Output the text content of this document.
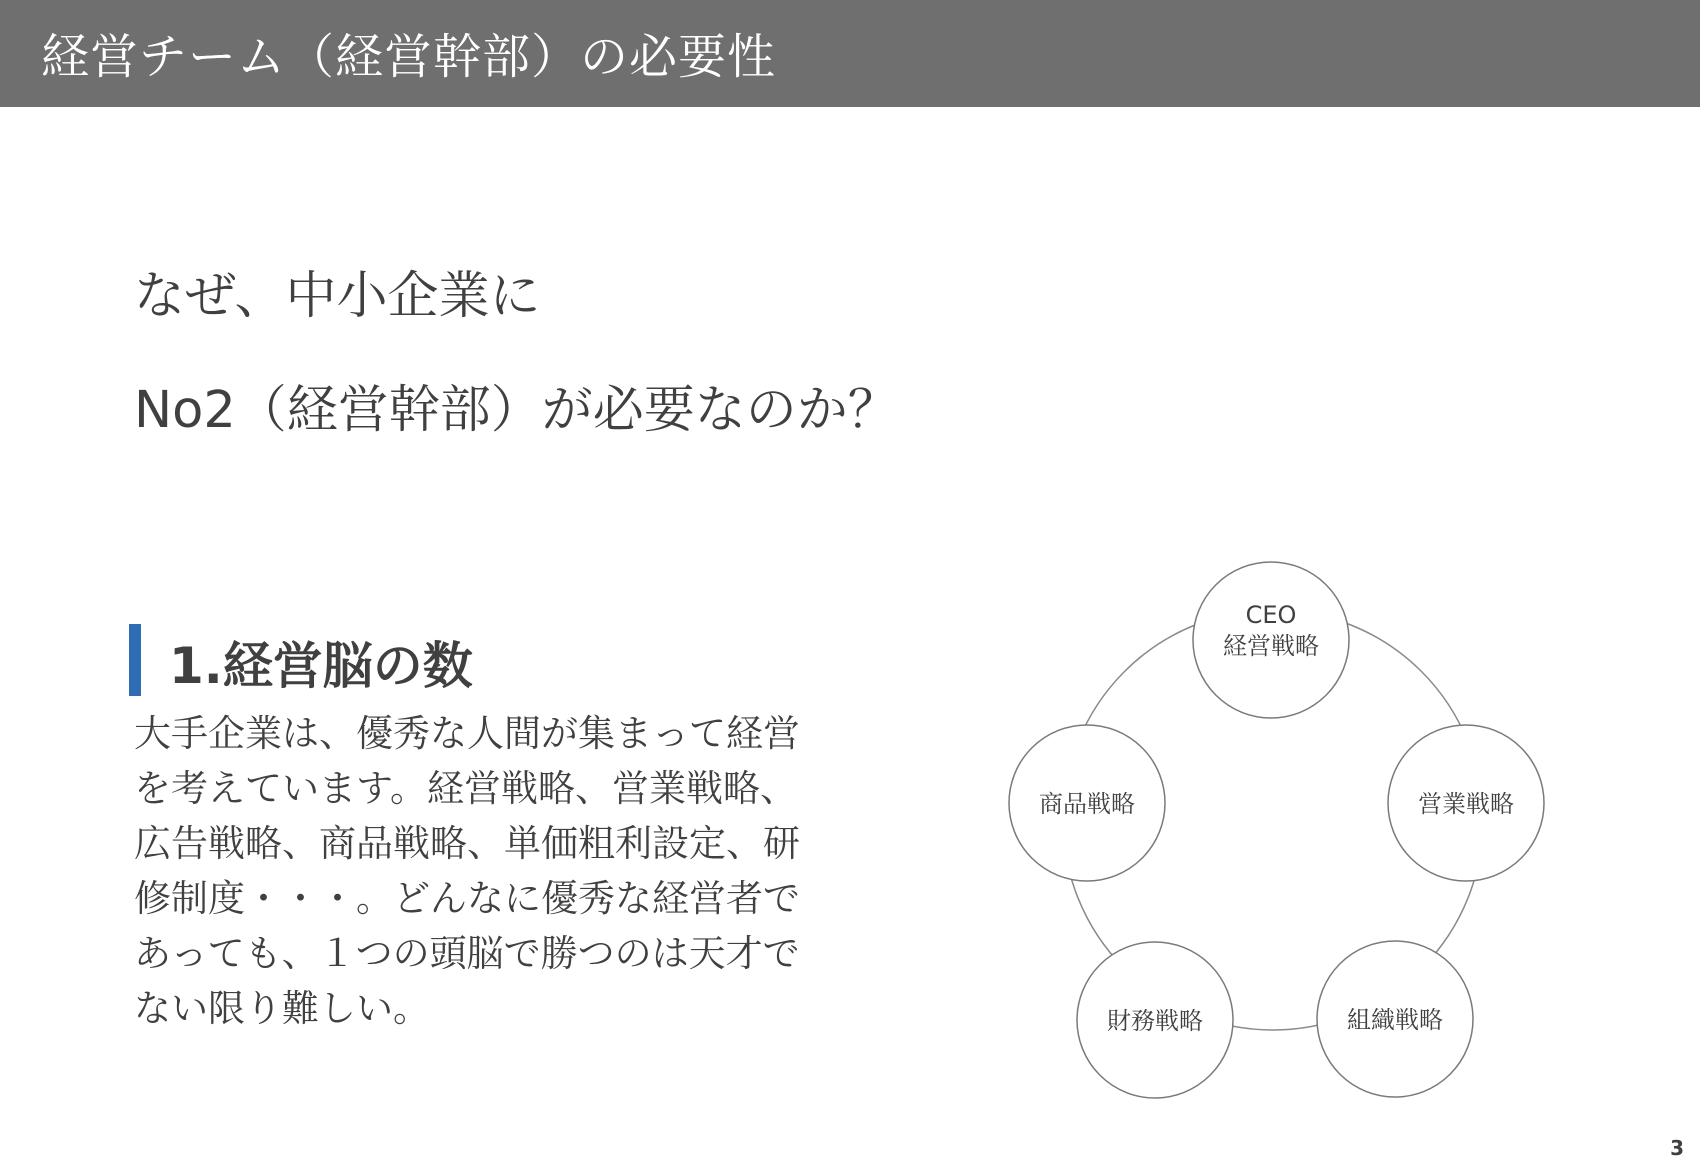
経営チーム（経営幹部）の必要性
なぜ、中小企業に
No2（経営幹部）が必要なのか？
1.経営脳の数
大手企業は、優秀な人間が集まって経営
を考えています。経営戦略、営業戦略、
広告戦略、商品戦略、単価粗利設定、研
修制度・・・。どんなに優秀な経営者で
あっても、１つの頭脳で勝つのは天才で
ない限り難しい。
CEO
経営戦略
営業戦略
組織戦略
財務戦略
商品戦略
3
